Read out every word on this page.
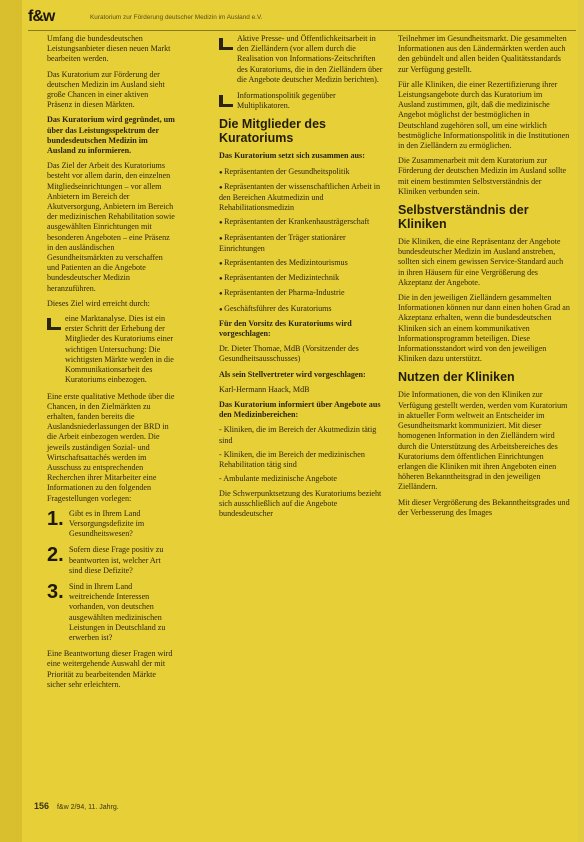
f&w	Kuratorium zur Förderung deutscher Medizin im Ausland e.V.

Umfang die bundesdeutschen Leistungsanbieter diesen neuen Markt bearbeiten werden.

Das Kuratorium zur Förderung der deutschen Medizin im Ausland sieht große Chancen in einer aktiven Präsenz in diesen Märkten.

Das Kuratorium wird gegründet, um über das Leistungsspektrum der bundesdeutschen Medizin im Ausland zu informieren.

Das Ziel der Arbeit des Kuratoriums besteht vor allem darin, den einzelnen Mitgliedseinrichtungen – vor allem Anbietern im Bereich der Akutversorgung, Anbietern im Bereich der medizinischen Rehabilitation sowie ausgewählten Einrichtungen mit besonderen Angeboten – eine Präsenz in den ausländischen Gesundheitsmärkten zu verschaffen und Patienten an die Angebote bundesdeutscher Medizin heranzuführen.

Dieses Ziel wird erreicht durch:

eine Marktanalyse. Dies ist ein erster Schritt der Erhebung der Mitglieder des Kuratoriums einer wichtigen Untersuchung: Die wichtigsten Märkte werden in die Kommunikationsarbeit des Kuratoriums einbezogen.

Eine erste qualitative Methode über die Chancen, in den Zielmärkten zu erhalten, fanden bereits die Auslandsniederlassungen der BRD in die Arbeit einbezogen werden. Die jeweils zuständigen Sozial- und Wirtschaftsattachés werden im Ausschuss zu entsprechenden Recherchen ihrer Mitarbeiter eine Informationen zu den folgenden Fragestellungen vorlegen:

1. Gibt es in Ihrem Land Versorgungsdefizite im Gesundheitswesen?

2. Sofern diese Frage positiv zu beantworten ist, welcher Art sind diese Defizite?

3. Sind in Ihrem Land weitreichende Interessen vorhanden, von deutschen ausgewählten medizinischen Leistungen in Deutschland zu erwerben ist?

Eine Beantwortung dieser Fragen wird eine weitergehende Auswahl der mit Priorität zu bearbeitenden Märkte sicher sehr erleichtern.

Aktive Presse- und Öffentlichkeitsarbeit in den Zielländern (vor allem durch die Realisation von Informations-Zeitschriften des Kuratoriums, die in den Zielländern über die Angebote deutscher Medizin berichten).

Informationspolitik gegenüber Multiplikatoren.

Die Mitglieder des Kuratoriums

Das Kuratorium setzt sich zusammen aus:

● Repräsentanten der Gesundheitspolitik
● Repräsentanten der wissenschaftlichen Arbeit in den Bereichen Akutmedizin und Rehabilitationsmedizin
● Repräsentanten der Krankenhausträgerschaft
● Repräsentanten der Träger stationärer Einrichtungen
● Repräsentanten des Medizintourismus
● Repräsentanten der Medizintechnik
● Repräsentanten der Pharma-Industrie
● Geschäftsführer des Kuratoriums

Für den Vorsitz des Kuratoriums wird vorgeschlagen:

Dr. Dieter Thomae, MdB (Vorsitzender des Gesundheitsausschusses)

Als sein Stellvertreter wird vorgeschlagen:

Karl-Hermann Haack, MdB

Das Kuratorium informiert über Angebote aus den Medizinbereichen:

- Kliniken, die im Bereich der Akutmedizin tätig sind
- Kliniken, die im Bereich der medizinischen Rehabilitation tätig sind
- Ambulante medizinische Angebote

Die Schwerpunktsetzung des Kuratoriums bezieht sich ausschließlich auf die Angebote bundesdeutscher

Teilnehmer im Gesundheitsmarkt. Die gesammelten Informationen aus den Ländermärkten werden auch den gebündelt und allen beiden Qualitätsstandards zur Verfügung gestellt.

Für alle Kliniken, die einer Rezertifizierung ihrer Leistungsangebote durch das Kuratorium im Ausland zustimmen, gilt, daß die medizinische Angebot möglichst der bestmöglichen in Deutschland zugehören soll, um eine wirklich bestmögliche Informationspolitik in die Institutionen in den Zielländern zu ermöglichen.

Die Zusammenarbeit mit dem Kuratorium zur Förderung der deutschen Medizin im Ausland sollte mit einem bestimmten Selbstverständnis der Kliniken verbunden sein.

Selbstverständnis der Kliniken

Die Kliniken, die eine Repräsentanz der Angebote bundesdeutscher Medizin im Ausland anstreben, sollten sich einem gewissen Service-Standard auch in ihren Häusern für eine Vergrößerung des Akzeptanz der Angebote.

Die in den jeweiligen Zielländern gesammelten Informationen können nur dann einen hohen Grad an Akzeptanz erhalten, wenn die bundesdeutschen Kliniken sich an einem kommunikativen Informationsprogramm beteiligen. Diese Informationsstandort wird von den jeweiligen Kliniken dazu unterstützt.

Nutzen der Kliniken

Die Informationen, die von den Kliniken zur Verfügung gestellt werden, werden vom Kuratorium in aktueller Form weltweit an Entscheider im Gesundheitsmarkt kommuniziert. Mit dieser homogenen Information in den Zielländern wird durch die Unterstützung des Arbeitsbereiches des Kuratoriums dem öffentlichen Einrichtungen erlangen die Kliniken mit ihren Angeboten einen höheren Bekanntheitsgrad in den jeweiligen Zielländern.

Mit dieser Vergrößerung des Bekanntheitsgrades und der Verbesserung des Images

156 f&w 2/94, 11. Jahrg.
